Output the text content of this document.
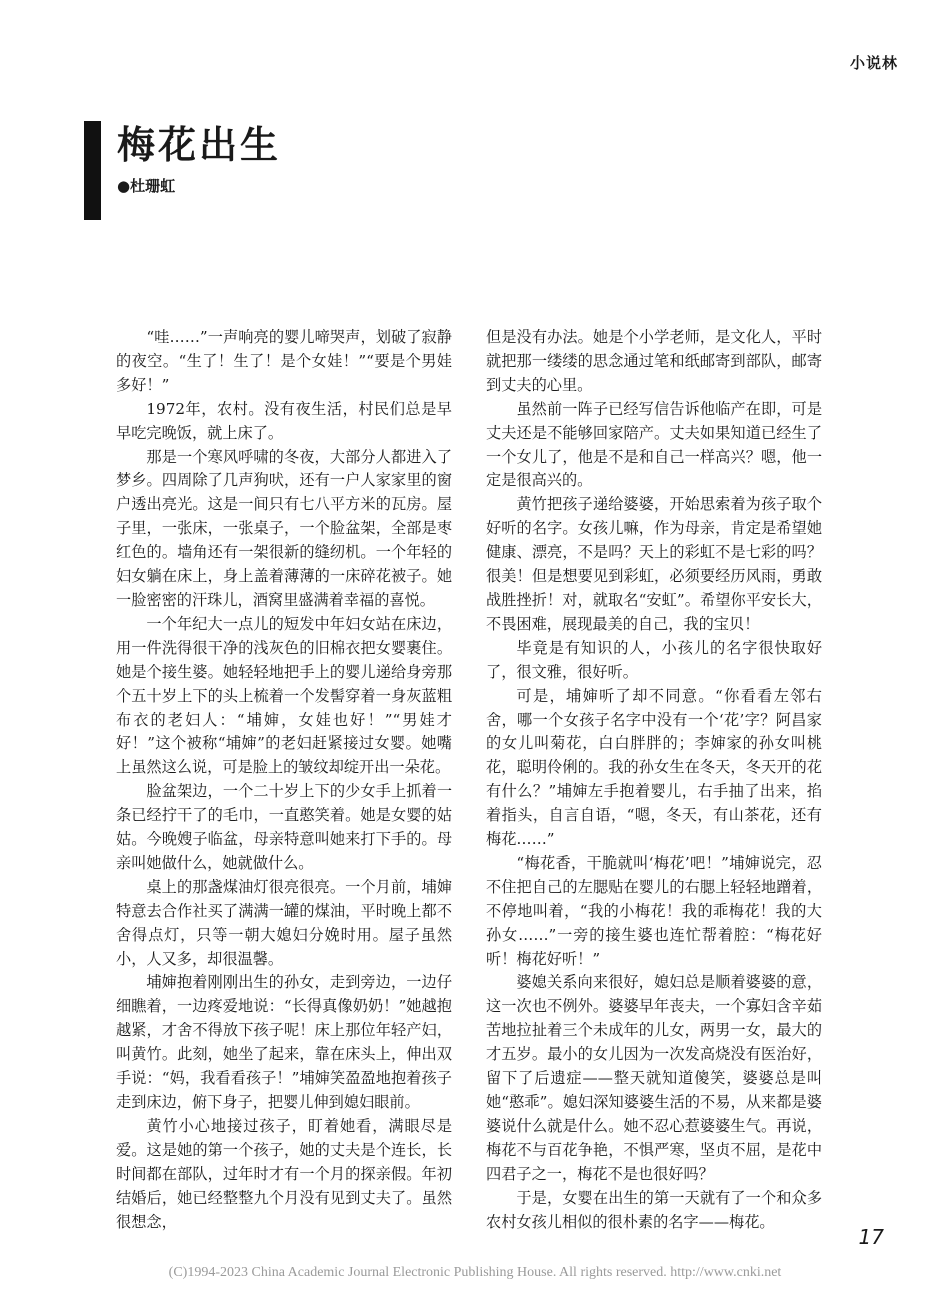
小说林
梅花出生
●杜珊虹

“哇……”一声响亮的婴儿啼哭声，划破了寂静的夜空。“生了！生了！是个女娃！”“要是个男娃多好！”

1972年，农村。没有夜生活，村民们总是早早吃完晚饭，就上床了。

那是一个寒风呼啸的冬夜，大部分人都进入了梦乡。四周除了几声狗吠，还有一户人家家里的窗户透出亮光。这是一间只有七八平方米的瓦房。屋子里，一张床，一张桌子，一个脸盆架，全部是枣红色的。墙角还有一架很新的缝纫机。一个年轻的妇女躺在床上，身上盖着薄薄的一床碎花被子。她一脸密密的汗珠儿，酒窝里盛满着幸福的喜悦。

一个年纪大一点儿的短发中年妇女站在床边，用一件洗得很干净的浅灰色的旧棉衣把女婴裹住。她是个接生婆。她轻轻地把手上的婴儿递给身旁那个五十岁上下的头上梳着一个发髻穿着一身灰蓝粗布衣的老妇人：“埔婶，女娃也好！”“男娃才好！”这个被称“埔婶”的老妇赶紧接过女婴。她嘴上虽然这么说，可是脸上的皱纹却绽开出一朵花。

脸盆架边，一个二十岁上下的少女手上抓着一条已经拧干了的毛巾，一直憨笑着。她是女婴的姑姑。今晚嫂子临盆，母亲特意叫她来打下手的。母亲叫她做什么，她就做什么。

桌上的那盏煤油灯很亮很亮。一个月前，埔婶特意去合作社买了满满一罐的煤油，平时晚上都不舍得点灯，只等一朝大媳妇分娩时用。屋子虽然小，人又多，却很温馨。

埔婶抱着刚刚出生的孙女，走到旁边，一边仔细瞧着，一边疼爱地说：“长得真像奶奶！”她越抱越紧，才舍不得放下孩子呢！床上那位年轻产妇，叫黄竹。此刻，她坐了起来，靠在床头上，伸出双手说：“妈，我看看孩子！”埔婶笑盈盈地抱着孩子走到床边，俯下身子，把婴儿伸到媳妇眼前。

黄竹小心地接过孩子，盯着她看，满眼尽是爱。这是她的第一个孩子，她的丈夫是个连长，长时间都在部队，过年时才有一个月的探亲假。年初结婚后，她已经整整九个月没有见到丈夫了。虽然很想念，

但是没有办法。她是个小学老师，是文化人，平时就把那一缕缕的思念通过笔和纸邮寄到部队，邮寄到丈夫的心里。

虽然前一阵子已经写信告诉他临产在即，可是丈夫还是不能够回家陪产。丈夫如果知道已经生了一个女儿了，他是不是和自己一样高兴？嗯，他一定是很高兴的。

黄竹把孩子递给婆婆，开始思索着为孩子取个好听的名字。女孩儿嘛，作为母亲，肯定是希望她健康、漂亮，不是吗？天上的彩虹不是七彩的吗？很美！但是想要见到彩虹，必须要经历风雨，勇敢战胜挫折！对，就取名“安虹”。希望你平安长大，不畏困难，展现最美的自己，我的宝贝！

毕竟是有知识的人，小孩儿的名字很快取好了，很文雅，很好听。

可是，埔婶听了却不同意。“你看看左邻右舍，哪一个女孩子名字中没有一个‘花’字？阿昌家的女儿叫菊花，白白胖胖的；李婶家的孙女叫桃花，聪明伶俐的。我的孙女生在冬天，冬天开的花有什么？”埔婶左手抱着婴儿，右手抽了出来，掐着指头，自言自语，“嗯，冬天，有山茶花，还有梅花……”

“梅花香，干脆就叫‘梅花’吧！”埔婶说完，忍不住把自己的左腮贴在婴儿的右腮上轻轻地蹭着，不停地叫着，“我的小梅花！我的乖梅花！我的大孙女……”一旁的接生婆也连忙帮着腔：“梅花好听！梅花好听！”

婆媳关系向来很好，媳妇总是顺着婆婆的意，这一次也不例外。婆婆早年丧夫，一个寡妇含辛茹苦地拉扯着三个未成年的儿女，两男一女，最大的才五岁。最小的女儿因为一次发高烧没有医治好，留下了后遗症——整天就知道傻笑，婆婆总是叫她“憨乖”。媳妇深知婆婆生活的不易，从来都是婆婆说什么就是什么。她不忍心惹婆婆生气。再说，梅花不与百花争艳，不惧严寒，坚贞不屈，是花中四君子之一，梅花不是也很好吗？

于是，女婴在出生的第一天就有了一个和众多农村女孩儿相似的很朴素的名字——梅花。

17
(C)1994-2023 China Academic Journal Electronic Publishing House. All rights reserved. http://www.cnki.net
